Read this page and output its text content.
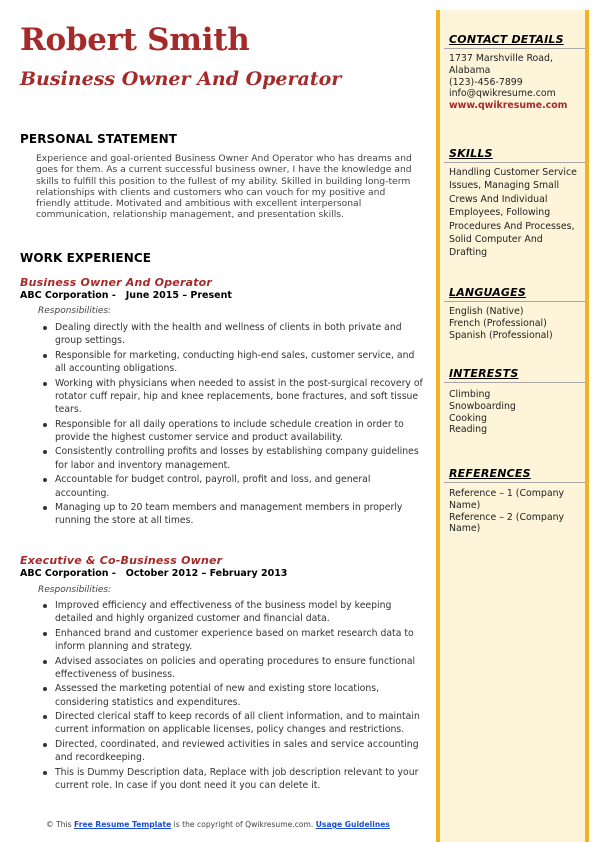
Robert Smith
Business Owner And Operator
PERSONAL STATEMENT
Experience and goal-oriented Business Owner And Operator who has dreams and goes for them. As a current successful business owner, I have the knowledge and skills to fulfill this position to the fullest of my ability. Skilled in building long-term relationships with clients and customers who can vouch for my positive and friendly attitude. Motivated and ambitious with excellent interpersonal communication, relationship management, and presentation skills.
WORK EXPERIENCE
Business Owner And Operator
ABC Corporation - June 2015 – Present
Responsibilities:
Dealing directly with the health and wellness of clients in both private and group settings.
Responsible for marketing, conducting high-end sales, customer service, and all accounting obligations.
Working with physicians when needed to assist in the post-surgical recovery of rotator cuff repair, hip and knee replacements, bone fractures, and soft tissue tears.
Responsible for all daily operations to include schedule creation in order to provide the highest customer service and product availability.
Consistently controlling profits and losses by establishing company guidelines for labor and inventory management.
Accountable for budget control, payroll, profit and loss, and general accounting.
Managing up to 20 team members and management members in properly running the store at all times.
Executive & Co-Business Owner
ABC Corporation - October 2012 – February 2013
Responsibilities:
Improved efficiency and effectiveness of the business model by keeping detailed and highly organized customer and financial data.
Enhanced brand and customer experience based on market research data to inform planning and strategy.
Advised associates on policies and operating procedures to ensure functional effectiveness of business.
Assessed the marketing potential of new and existing store locations, considering statistics and expenditures.
Directed clerical staff to keep records of all client information, and to maintain current information on applicable licenses, policy changes and restrictions.
Directed, coordinated, and reviewed activities in sales and service accounting and recordkeeping.
This is Dummy Description data, Replace with job description relevant to your current role. In case if you dont need it you can delete it.
CONTACT DETAILS
1737 Marshville Road, Alabama
(123)-456-7899
info@qwikresume.com
www.qwikresume.com
SKILLS
Handling Customer Service Issues, Managing Small Crews And Individual Employees, Following Procedures And Processes, Solid Computer And Drafting
LANGUAGES
English (Native)
French (Professional)
Spanish (Professional)
INTERESTS
Climbing
Snowboarding
Cooking
Reading
REFERENCES
Reference – 1 (Company Name)
Reference – 2 (Company Name)
© This Free Resume Template is the copyright of Qwikresume.com. Usage Guidelines
